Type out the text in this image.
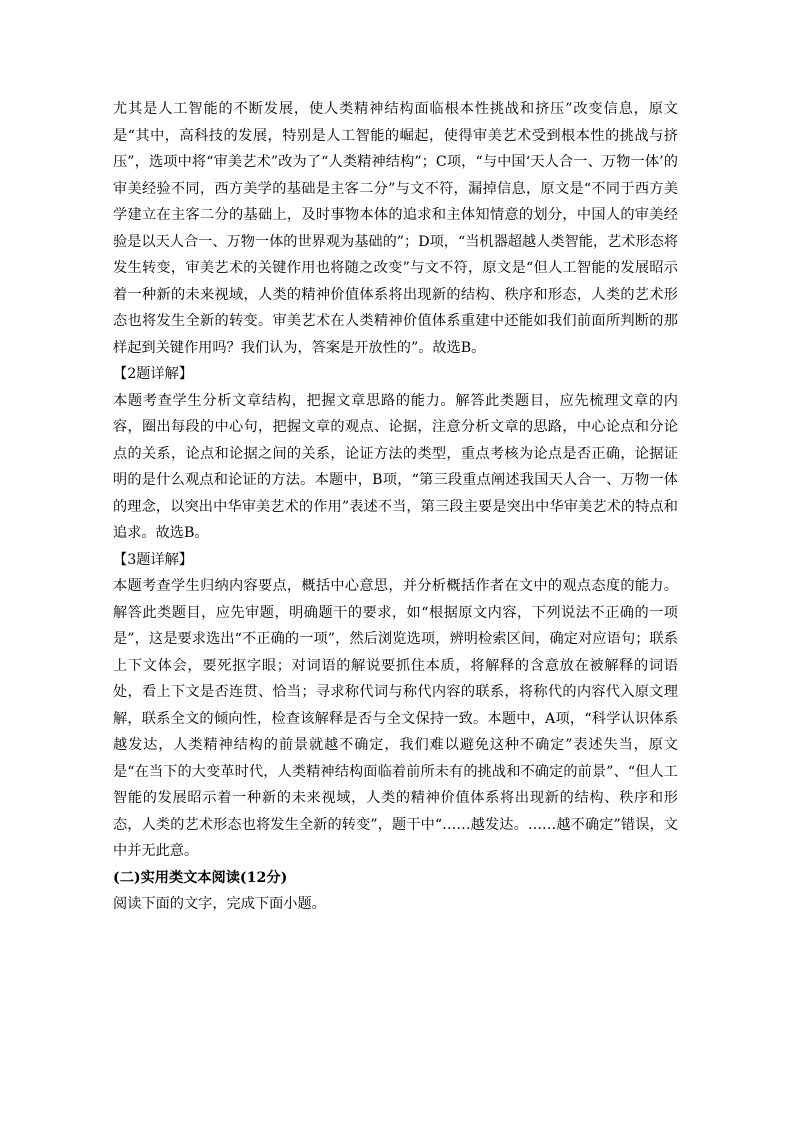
尤其是人工智能的不断发展，使人类精神结构面临根本性挑战和挤压”改变信息，原文是“其中，高科技的发展，特别是人工智能的崛起，使得审美艺术受到根本性的挑战与挤压”，选项中将“审美艺术”改为了“人类精神结构”；C项，“与中国‘天人合一、万物一体’的审美经验不同，西方美学的基础是主客二分”与文不符，漏掉信息，原文是“不同于西方美学建立在主客二分的基础上，及时事物本体的追求和主体知情意的划分，中国人的审美经验是以天人合一、万物一体的世界观为基础的”；D项，“当机器超越人类智能，艺术形态将发生转变，审美艺术的关键作用也将随之改变”与文不符，原文是“但人工智能的发展昭示着一种新的未来视域，人类的精神价值体系将出现新的结构、秩序和形态，人类的艺术形态也将发生全新的转变。审美艺术在人类精神价值体系重建中还能如我们前面所判断的那样起到关键作用吗？我们认为，答案是开放性的”。故选B。

【2题详解】

本题考查学生分析文章结构，把握文章思路的能力。解答此类题目，应先梳理文章的内容，圈出每段的中心句，把握文章的观点、论据，注意分析文章的思路，中心论点和分论点的关系，论点和论据之间的关系，论证方法的类型，重点考核为论点是否正确，论据证明的是什么观点和论证的方法。本题中，B项，“第三段重点阐述我国天人合一、万物一体的理念，以突出中华审美艺术的作用”表述不当，第三段主要是突出中华审美艺术的特点和追求。故选B。

【3题详解】

本题考查学生归纳内容要点，概括中心意思，并分析概括作者在文中的观点态度的能力。解答此类题目，应先审题，明确题干的要求，如“根据原文内容，下列说法不正确的一项是”，这是要求选出“不正确的一项”，然后浏览选项，辨明检索区间，确定对应语句；联系上下文体会，要死抠字眼；对词语的解说要抓住本质，将解释的含意放在被解释的词语处，看上下文是否连贯、恰当；寻求称代词与称代内容的联系，将称代的内容代入原文理解，联系全文的倾向性，检查该解释是否与全文保持一致。本题中，A项，“科学认识体系越发达，人类精神结构的前景就越不确定，我们难以避免这种不确定”表述失当，原文是“在当下的大变革时代，人类精神结构面临着前所未有的挑战和不确定的前景”、“但人工智能的发展昭示着一种新的未来视域，人类的精神价值体系将出现新的结构、秩序和形态，人类的艺术形态也将发生全新的转变”，题干中“……越发达。……越不确定”错误，文中并无此意。

(二)实用类文本阅读(12分)

阅读下面的文字，完成下面小题。
